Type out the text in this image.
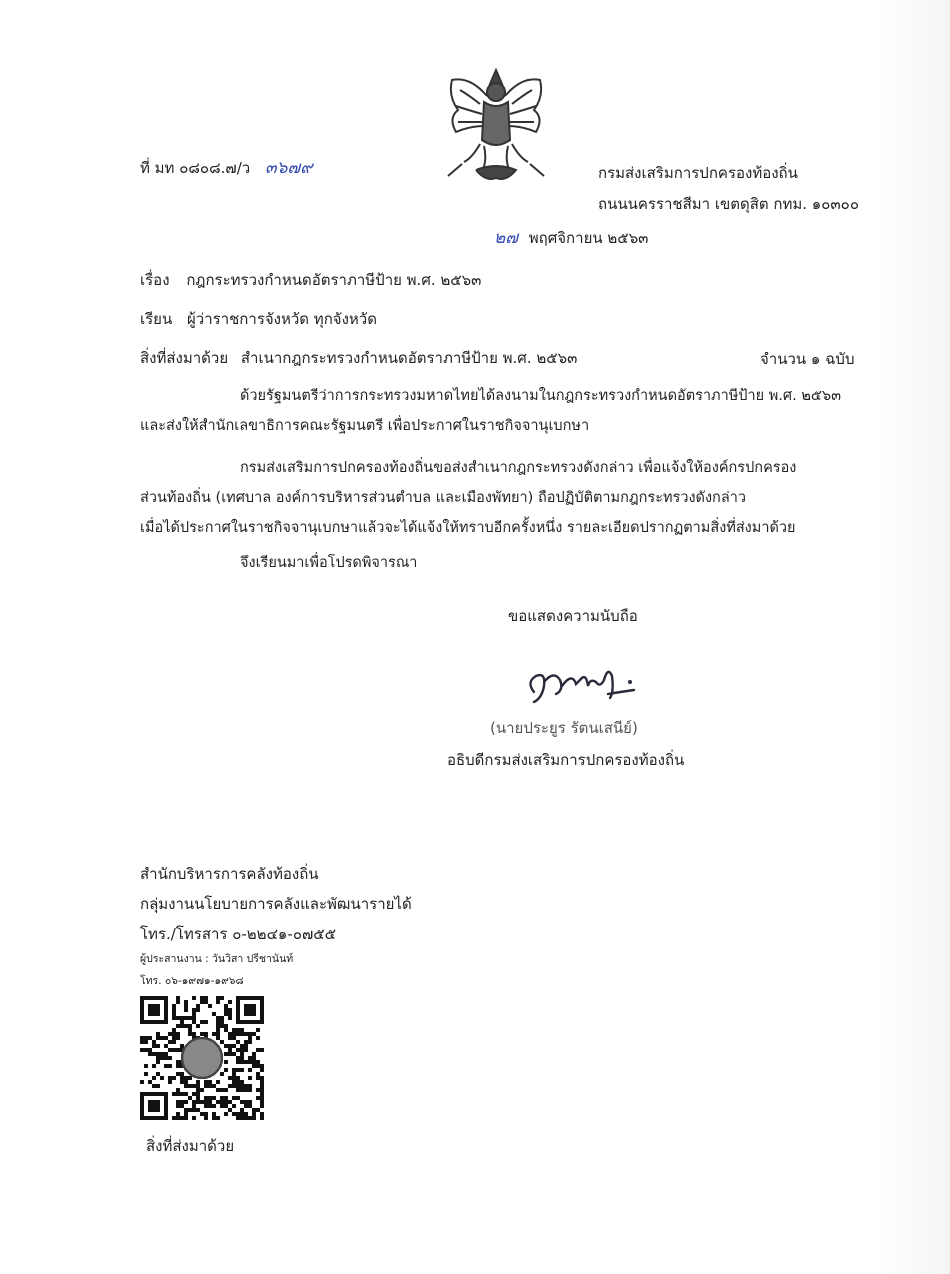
ที่ มท ๐๘๐๘.๗/ว ๓๖๗๙	กรมส่งเสริมการปกครองท้องถิ่น
ถนนนครราชสีมา เขตดุสิต กทม. ๑๐๓๐๐
๒๗ พฤศจิกายน ๒๕๖๓
เรื่อง กฎกระทรวงกำหนดอัตราภาษีป้าย พ.ศ. ๒๕๖๓
เรียน ผู้ว่าราชการจังหวัด ทุกจังหวัด
สิ่งที่ส่งมาด้วย สำเนากฎกระทรวงกำหนดอัตราภาษีป้าย พ.ศ. ๒๕๖๓	จำนวน ๑ ฉบับ
ด้วยรัฐมนตรีว่าการกระทรวงมหาดไทยได้ลงนามในกฎกระทรวงกำหนดอัตราภาษีป้าย พ.ศ. ๒๕๖๓
และส่งให้สำนักเลขาธิการคณะรัฐมนตรี เพื่อประกาศในราชกิจจานุเบกษา
กรมส่งเสริมการปกครองท้องถิ่นขอส่งสำเนากฎกระทรวงดังกล่าว เพื่อแจ้งให้องค์กรปกครอง
ส่วนท้องถิ่น (เทศบาล องค์การบริหารส่วนตำบล และเมืองพัทยา) ถือปฏิบัติตามกฎกระทรวงดังกล่าว
เมื่อได้ประกาศในราชกิจจานุเบกษาแล้วจะได้แจ้งให้ทราบอีกครั้งหนึ่ง รายละเอียดปรากฏตามสิ่งที่ส่งมาด้วย
จึงเรียนมาเพื่อโปรดพิจารณา
ขอแสดงความนับถือ
(นายประยูร รัตนเสนีย์)
อธิบดีกรมส่งเสริมการปกครองท้องถิ่น
สำนักบริหารการคลังท้องถิ่น
กลุ่มงานนโยบายการคลังและพัฒนารายได้
โทร./โทรสาร ๐-๒๒๔๑-๐๗๕๕
ผู้ประสานงาน : วันวิสา ปรีชานันท์
โทร. ๐๖-๑๙๗๑-๑๙๖๘
สิ่งที่ส่งมาด้วย
